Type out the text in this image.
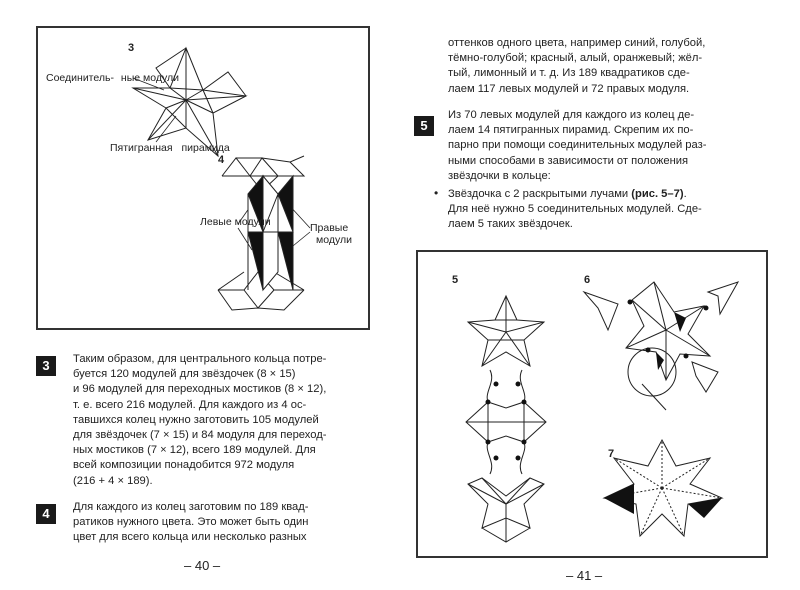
3
Соединитель- ные модули
Пятигранная пирамида
4
Левые модули	Правые модули
3	Таким образом, для центрального кольца потре-
буется 120 модулей для звёздочек (8 × 15)
и 96 модулей для переходных мостиков (8 × 12),
т. е. всего 216 модулей. Для каждого из 4 ос-
тавшихся колец нужно заготовить 105 модулей
для звёздочек (7 × 15) и 84 модуля для переход-
ных мостиков (7 × 12), всего 189 модулей. Для
всей композиции понадобится 972 модуля
(216 + 4 × 189).
4	Для каждого из колец заготовим по 189 квад-
ратиков нужного цвета. Это может быть один
цвет для всего кольца или несколько разных
– 40 –
оттенков одного цвета, например синий, голубой,
тёмно-голубой; красный, алый, оранжевый; жёл-
тый, лимонный и т. д. Из 189 квадратиков сде-
лаем 117 левых модулей и 72 правых модуля.
5
Из 70 левых модулей для каждого из колец де-
лаем 14 пятигранных пирамид. Скрепим их по-
парно при помощи соединительных модулей раз-
ными способами в зависимости от положения
звёздочки в кольце:
• Звёздочка с 2 раскрытыми лучами (рис. 5–7).
Для неё нужно 5 соединительных модулей. Сде-
лаем 5 таких звёздочек.
5	6
7
– 41 –
